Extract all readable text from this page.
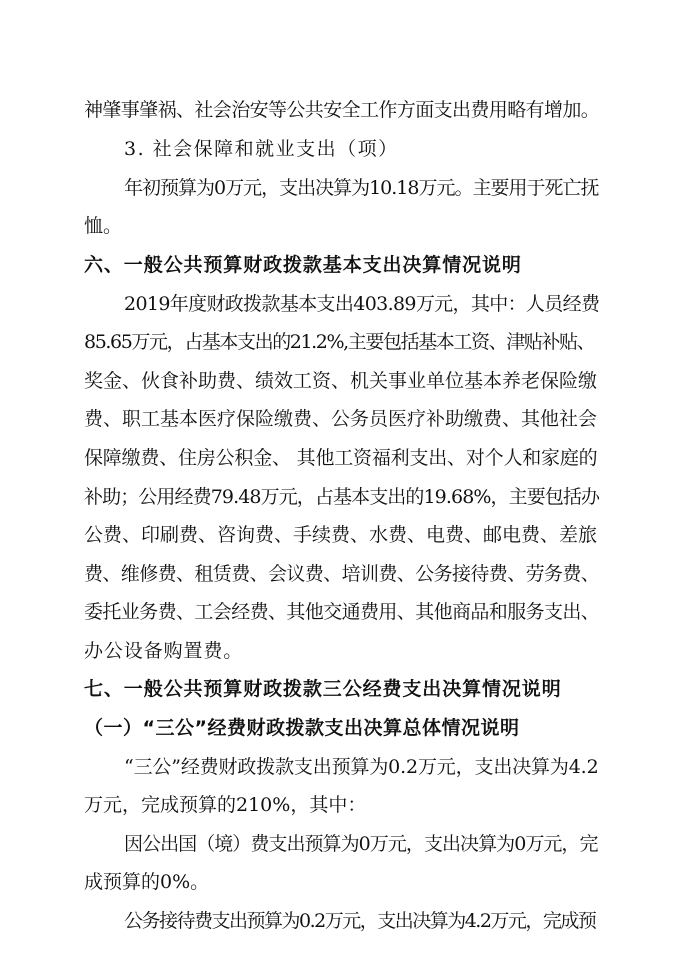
神肇事肇祸、社会治安等公共安全工作方面支出费用略有增加。

3. 社会保障和就业支出（项）

年初预算为0万元，支出决算为10.18万元。主要用于死亡抚

恤。

六、一般公共预算财政拨款基本支出决算情况说明

2019年度财政拨款基本支出403.89万元，其中：人员经费

85.65万元，占基本支出的21.2%,主要包括基本工资、津贴补贴、

奖金、伙食补助费、绩效工资、机关事业单位基本养老保险缴

费、职工基本医疗保险缴费、公务员医疗补助缴费、其他社会

保障缴费、住房公积金、 其他工资福利支出、对个人和家庭的

补助；公用经费79.48万元，占基本支出的19.68%，主要包括办

公费、印刷费、咨询费、手续费、水费、电费、邮电费、差旅

费、维修费、租赁费、会议费、培训费、公务接待费、劳务费、

委托业务费、工会经费、其他交通费用、其他商品和服务支出、

办公设备购置费。

七、一般公共预算财政拨款三公经费支出决算情况说明

（一）“三公”经费财政拨款支出决算总体情况说明

“三公”经费财政拨款支出预算为0.2万元，支出决算为4.2

万元，完成预算的210%，其中：

因公出国（境）费支出预算为0万元，支出决算为0万元，完

成预算的0%。

公务接待费支出预算为0.2万元，支出决算为4.2万元，完成预
